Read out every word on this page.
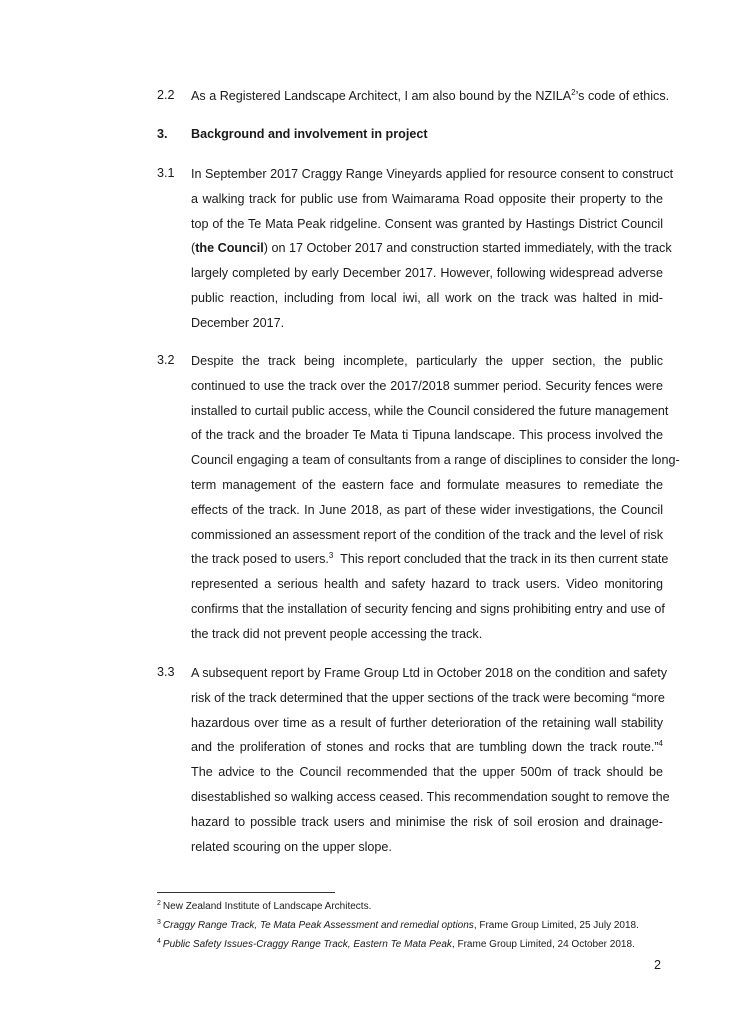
2.2 As a Registered Landscape Architect, I am also bound by the NZILA$^2$’s code of ethics.
3. Background and involvement in project
3.1 In September 2017 Craggy Range Vineyards applied for resource consent to construct
a walking track for public use from Waimarama Road opposite their property to the
top of the Te Mata Peak ridgeline. Consent was granted by Hastings District Council
(the Council) on 17 October 2017 and construction started immediately, with the track
largely completed by early December 2017. However, following widespread adverse
public reaction, including from local iwi, all work on the track was halted in mid-
December 2017.
3.2 Despite the track being incomplete, particularly the upper section, the public
continued to use the track over the 2017/2018 summer period. Security fences were
installed to curtail public access, while the Council considered the future management
of the track and the broader Te Mata ti Tipuna landscape. This process involved the
Council engaging a team of consultants from a range of disciplines to consider the long-
term management of the eastern face and formulate measures to remediate the
effects of the track. In June 2018, as part of these wider investigations, the Council
commissioned an assessment report of the condition of the track and the level of risk
the track posed to users.$^3$  This report concluded that the track in its then current state
represented a serious health and safety hazard to track users. Video monitoring
confirms that the installation of security fencing and signs prohibiting entry and use of
the track did not prevent people accessing the track.
3.3 A subsequent report by Frame Group Ltd in October 2018 on the condition and safety
risk of the track determined that the upper sections of the track were becoming “more
hazardous over time as a result of further deterioration of the retaining wall stability
and the proliferation of stones and rocks that are tumbling down the track route.”$^4$
The advice to the Council recommended that the upper 500m of track should be
disestablished so walking access ceased. This recommendation sought to remove the
hazard to possible track users and minimise the risk of soil erosion and drainage-
related scouring on the upper slope.
$^2$ New Zealand Institute of Landscape Architects.
$^3$ Craggy Range Track, Te Mata Peak Assessment and remedial options, Frame Group Limited, 25 July 2018.
$^4$ Public Safety Issues-Craggy Range Track, Eastern Te Mata Peak, Frame Group Limited, 24 October 2018.
2
